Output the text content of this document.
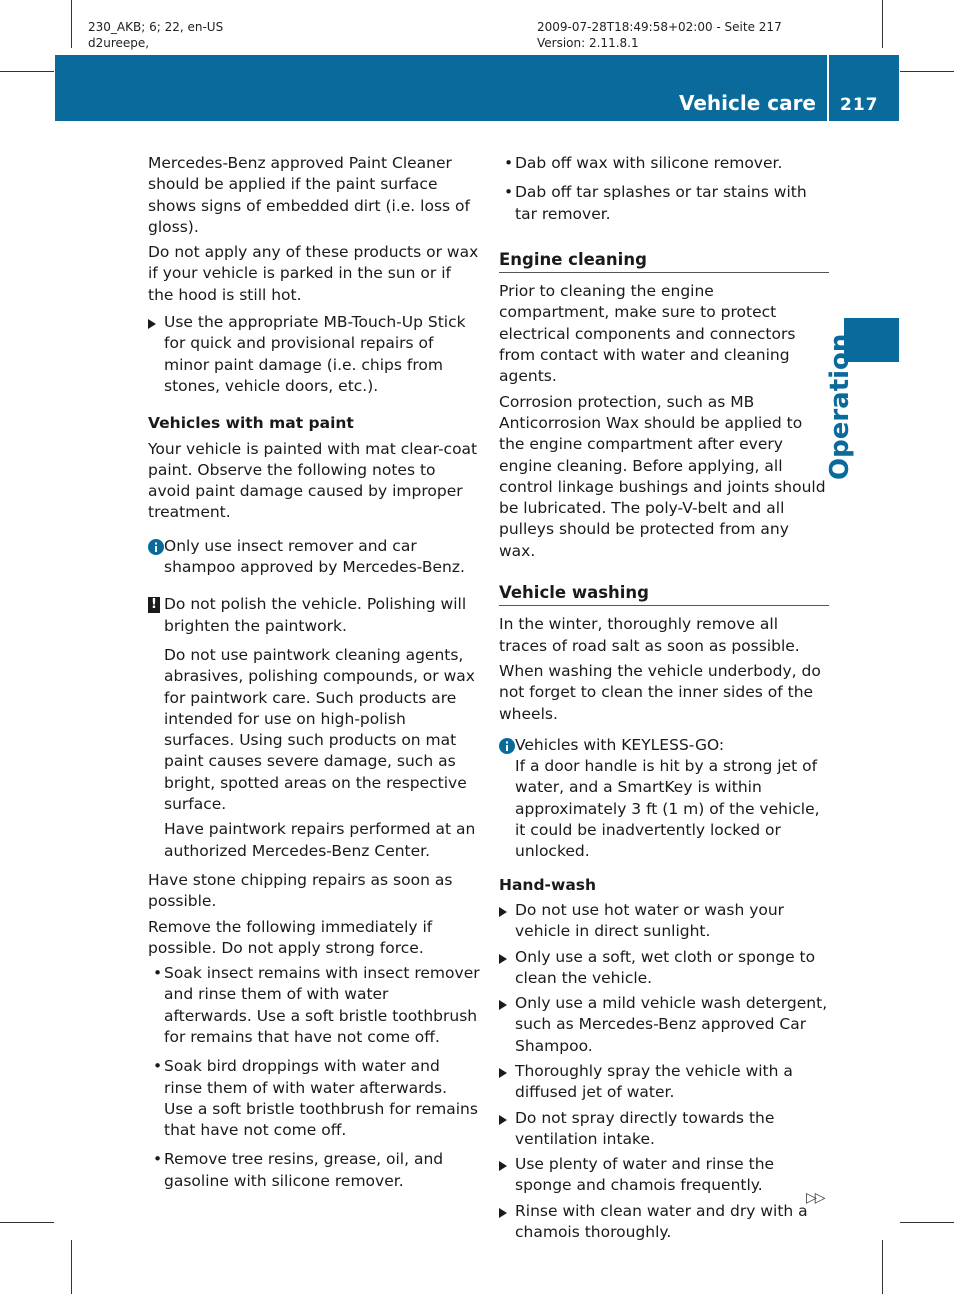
230_AKB; 6; 22, en-US
d2ureepe,
2009-07-28T18:49:58+02:00 - Seite 217
Version: 2.11.8.1
Vehicle care 217
Operation

Mercedes-Benz approved Paint Cleaner should be applied if the paint surface shows signs of embedded dirt (i.e. loss of gloss).

Do not apply any of these products or wax if your vehicle is parked in the sun or if the hood is still hot.

Use the appropriate MB-Touch-Up Stick for quick and provisional repairs of minor paint damage (i.e. chips from stones, vehicle doors, etc.).
Vehicles with mat paint

Your vehicle is painted with mat clear-coat paint. Observe the following notes to avoid paint damage caused by improper treatment.

Only use insect remover and car shampoo approved by Mercedes-Benz.
! Do not polish the vehicle. Polishing will brighten the paintwork.

Do not use paintwork cleaning agents, abrasives, polishing compounds, or wax for paintwork care. Such products are intended for use on high-polish surfaces. Using such products on mat paint causes severe damage, such as bright, spotted areas on the respective surface.

Have paintwork repairs performed at an authorized Mercedes-Benz Center.

Have stone chipping repairs as soon as possible.

Remove the following immediately if possible. Do not apply strong force.

• Soak insect remains with insect remover and rinse them of with water afterwards. Use a soft bristle toothbrush for remains that have not come off.
• Soak bird droppings with water and rinse them of with water afterwards. Use a soft bristle toothbrush for remains that have not come off.
• Remove tree resins, grease, oil, and gasoline with silicone remover.
• Dab off wax with silicone remover.
• Dab off tar splashes or tar stains with tar remover.
Engine cleaning

Prior to cleaning the engine compartment, make sure to protect electrical components and connectors from contact with water and cleaning agents.

Corrosion protection, such as MB Anticorrosion Wax should be applied to the engine compartment after every engine cleaning. Before applying, all control linkage bushings and joints should be lubricated. The poly-V-belt and all pulleys should be protected from any wax.

Vehicle washing

In the winter, thoroughly remove all traces of road salt as soon as possible.

When washing the vehicle underbody, do not forget to clean the inner sides of the wheels.

Vehicles with KEYLESS-GO:
If a door handle is hit by a strong jet of water, and a SmartKey is within approximately 3 ft (1 m) of the vehicle, it could be inadvertently locked or unlocked.
Hand-wash
Do not use hot water or wash your vehicle in direct sunlight.
Only use a soft, wet cloth or sponge to clean the vehicle.
Only use a mild vehicle wash detergent, such as Mercedes-Benz approved Car Shampoo.
Thoroughly spray the vehicle with a diffused jet of water.
Do not spray directly towards the ventilation intake.
Use plenty of water and rinse the sponge and chamois frequently.
Rinse with clean water and dry with a chamois thoroughly.
▷▷
